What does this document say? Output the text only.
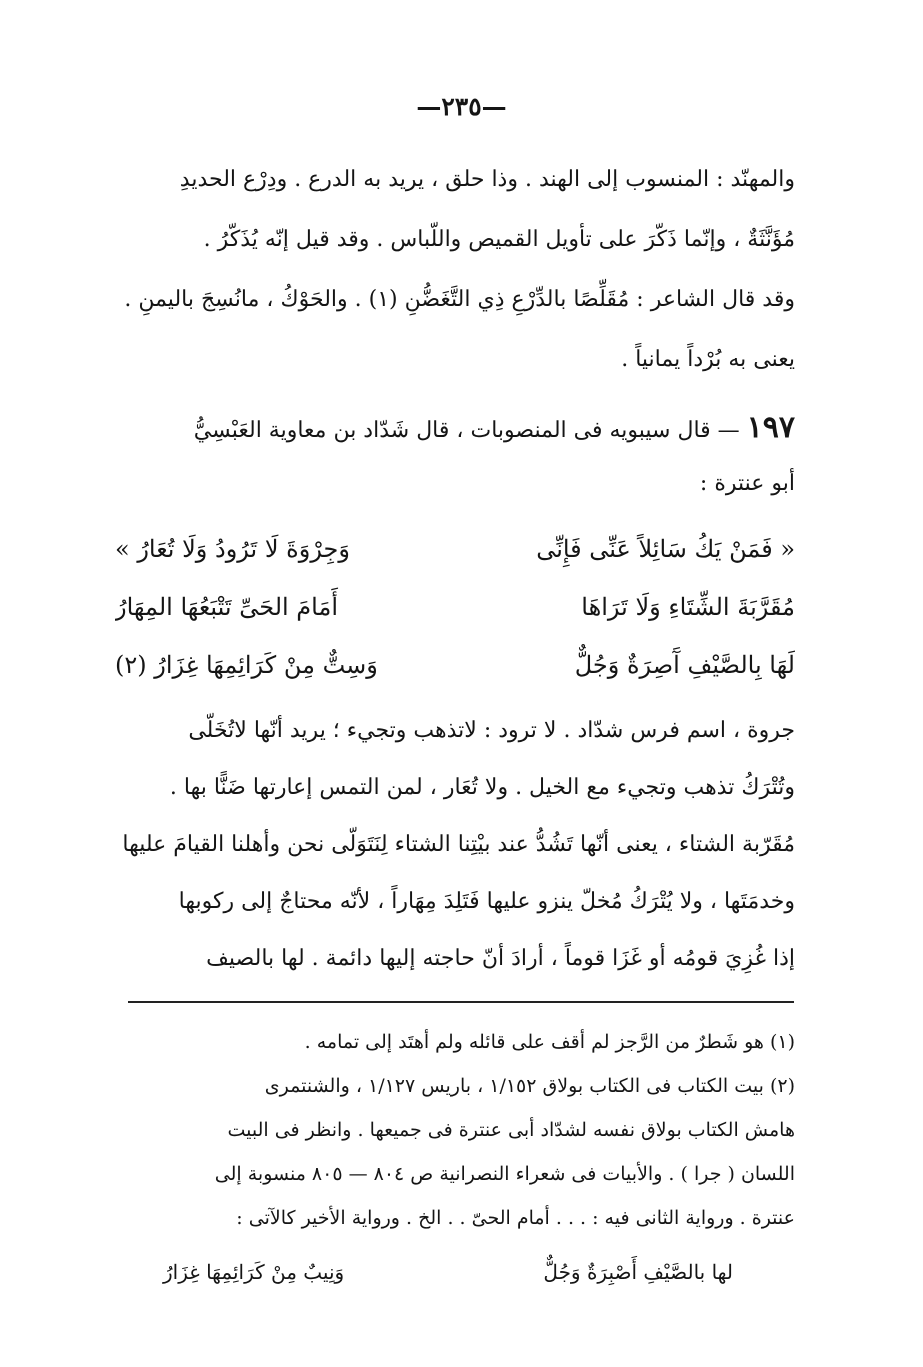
—٢٣٥—
والمهنّد : المنسوب إلى الهند . وذا حلق ، يريد به الدرع . ودِرْع الحديدِ
مُؤَنَّثَةٌ ، وإنّما ذَكّرَ على تأويل القميص واللّباس . وقد قيل إنّه يُذَكّرُ .
وقد قال الشاعر : مُقَلِّصًا بالدِّرْعِ ذِي التَّغَضُّنِ (١) . والحَوْكُ ، مانُسِجَ باليمنِ .
يعنى به بُرْداً يمانياً .
١٩٧ — قال سيبويه فى المنصوبات ، قال شَدّاد بن معاوية العَبْسِيُّ
أبو عنترة :
« فَمَنْ يَكُ سَائِلاً عَنِّى فَإِنِّى
وَجِرْوَةَ لَا تَرُودُ وَلَا تُعَارُ »
مُقَرَّبَةَ الشِّتَاءِ وَلَا تَرَاهَا
أَمَامَ الحَىِّ تَتْبَعُهَا المِهَارُ
لَهَا بِالصَّيْفِ آَصِرَةٌ وَجُلٌّ
وَسِتٌّ مِنْ كَرَائِمِهَا غِزَارُ (٢)
جروة ، اسم فرس شدّاد . لا ترود : لاتذهب وتجيء ؛ يريد أنّها لاتُخَلّى
وتُتْرَكُ تذهب وتجيء مع الخيل . ولا تُعَار ، لمن التمس إعارتها ضَنًّا بها .
مُقَرّبة الشتاء ، يعنى أنّها تَشُدُّ عند بيْتِنا الشتاء لِنَتَوَلّى نحن وأهلنا القيامَ عليها
وخدمَتَها ، ولا يُتْرَكُ مُخلّ ينزو عليها فَتَلِدَ مِهَاراً ، لأنّه محتاجٌ إلى ركوبها
إذا غُزِيَ قومُه أو غَزَا قوماً ، أرادَ أنّ حاجته إليها دائمة . لها بالصيف
(١) هو شَطرٌ من الرَّجز لم أقف على قائله ولم أهتَد إلى تمامه .
(٢) بيت الكتاب فى الكتاب بولاق ١/١٥٢ ، باريس ١/١٢٧ ، والشنتمرى
هامش الكتاب بولاق نفسه لشدّاد أبى عنترة فى جميعها . وانظر فى البيت
اللسان ( جرا ) . والأبيات فى شعراء النصرانية ص ٨٠٤ — ٨٠٥ منسوبة إلى
عنترة . ورواية الثانى فيه : . . . أمام الحىّ . . الخ . ورواية الأخير كالآتى :
لها بالصَّيْفِ أَصْبِرَةٌ وَجُلٌّ
وَنِيبٌ مِنْ كَرَائِمِهَا غِزَارُ
